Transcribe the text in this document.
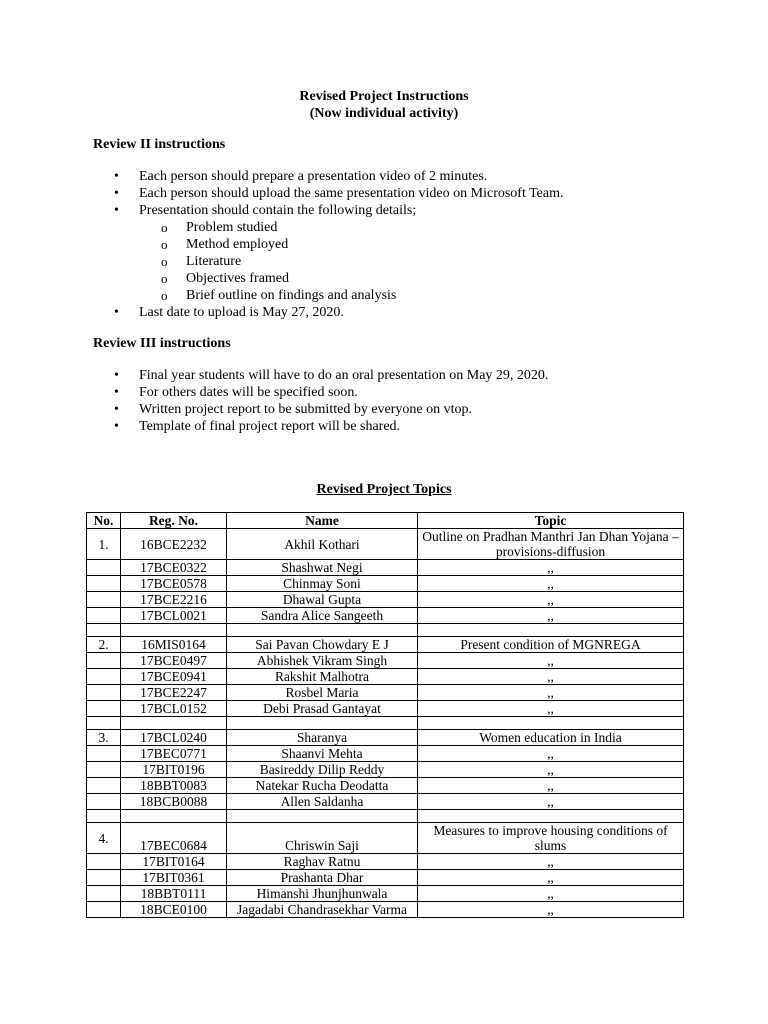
Revised Project Instructions
(Now individual activity)
Review II instructions
• Each person should prepare a presentation video of 2 minutes.
• Each person should upload the same presentation video on Microsoft Team.
• Presentation should contain the following details;
o Problem studied
o Method employed
o Literature
o Objectives framed
o Brief outline on findings and analysis
• Last date to upload is May 27, 2020.
Review III instructions
• Final year students will have to do an oral presentation on May 29, 2020.
• For others dates will be specified soon.
• Written project report to be submitted by everyone on vtop.
• Template of final project report will be shared.
Revised Project Topics
No.	Reg. No.	Name	Topic
1.	16BCE2232	Akhil Kothari	Outline on Pradhan Manthri Jan Dhan Yojana – provisions-diffusion
	17BCE0322	Shashwat Negi	,,
	17BCE0578	Chinmay Soni	,,
	17BCE2216	Dhawal Gupta	,,
	17BCL0021	Sandra Alice Sangeeth	,,

2.	16MIS0164	Sai Pavan Chowdary E J	Present condition of MGNREGA
	17BCE0497	Abhishek Vikram Singh	,,
	17BCE0941	Rakshit Malhotra	,,
	17BCE2247	Rosbel Maria	,,
	17BCL0152	Debi Prasad Gantayat	,,

3.	17BCL0240	Sharanya	Women education in India
	17BEC0771	Shaanvi Mehta	,,
	17BIT0196	Basireddy Dilip Reddy	,,
	18BBT0083	Natekar Rucha Deodatta	,,
	18BCB0088	Allen Saldanha	,,

4.	17BEC0684	Chriswin Saji	Measures to improve housing conditions of slums
	17BIT0164	Raghav Ratnu	,,
	17BIT0361	Prashanta Dhar	,,
	18BBT0111	Himanshi Jhunjhunwala	,,
	18BCE0100	Jagadabi Chandrasekhar Varma	,,
